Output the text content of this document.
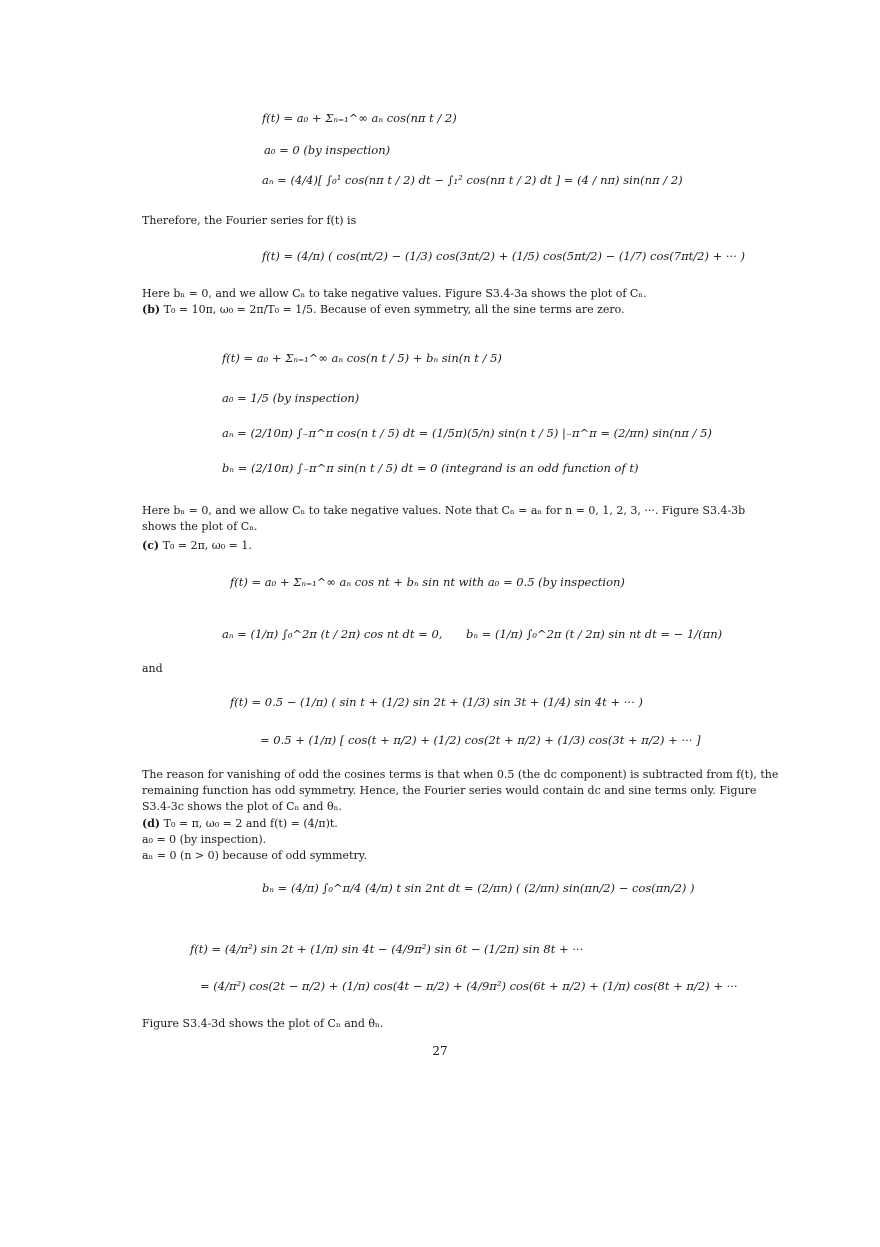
f(t) = a₀ + Σₙ₌₁^∞ aₙ cos(nπ t / 2)
a₀ = 0 (by inspection)
aₙ = (4/4)[ ∫₀¹ cos(nπ t / 2) dt − ∫₁² cos(nπ t / 2) dt ] = (4 / nπ) sin(nπ / 2)
Therefore, the Fourier series for f(t) is
f(t) = (4/π) ( cos(πt/2) − (1/3) cos(3πt/2) + (1/5) cos(5πt/2) − (1/7) cos(7πt/2) + ··· )
Here bₙ = 0, and we allow Cₙ to take negative values. Figure S3.4-3a shows the plot of Cₙ.
(b) T₀ = 10π, ω₀ = 2π/T₀ = 1/5. Because of even symmetry, all the sine terms are zero.
f(t) = a₀ + Σₙ₌₁^∞ aₙ cos(n t / 5) + bₙ sin(n t / 5)
a₀ = 1/5 (by inspection)
aₙ = (2/10π) ∫₋π^π cos(n t / 5) dt = (1/5π)(5/n) sin(n t / 5) |₋π^π = (2/πn) sin(nπ / 5)
bₙ = (2/10π) ∫₋π^π sin(n t / 5) dt = 0 (integrand is an odd function of t)
Here bₙ = 0, and we allow Cₙ to take negative values. Note that Cₙ = aₙ for n = 0, 1, 2, 3, ···. Figure S3.4-3b shows the plot of Cₙ.
(c) T₀ = 2π, ω₀ = 1.
f(t) = a₀ + Σₙ₌₁^∞ aₙ cos nt + bₙ sin nt with a₀ = 0.5 (by inspection)
aₙ = (1/π) ∫₀^2π (t / 2π) cos nt dt = 0, bₙ = (1/π) ∫₀^2π (t / 2π) sin nt dt = − 1/(πn)
and
f(t) = 0.5 − (1/π) ( sin t + (1/2) sin 2t + (1/3) sin 3t + (1/4) sin 4t + ··· )
= 0.5 + (1/π) [ cos(t + π/2) + (1/2) cos(2t + π/2) + (1/3) cos(3t + π/2) + ··· ]
The reason for vanishing of odd the cosines terms is that when 0.5 (the dc component) is subtracted from f(t), the remaining function has odd symmetry. Hence, the Fourier series would contain dc and sine terms only. Figure S3.4-3c shows the plot of Cₙ and θₙ.
(d) T₀ = π, ω₀ = 2 and f(t) = (4/π)t.
a₀ = 0 (by inspection).
aₙ = 0 (n > 0) because of odd symmetry.
bₙ = (4/π) ∫₀^π/4 (4/π) t sin 2nt dt = (2/πn) ( (2/πn) sin(πn/2) − cos(πn/2) )
f(t) = (4/π²) sin 2t + (1/π) sin 4t − (4/9π²) sin 6t − (1/2π) sin 8t + ···
= (4/π²) cos(2t − π/2) + (1/π) cos(4t − π/2) + (4/9π²) cos(6t + π/2) + (1/π) cos(8t + π/2) + ···
Figure S3.4-3d shows the plot of Cₙ and θₙ.
27
